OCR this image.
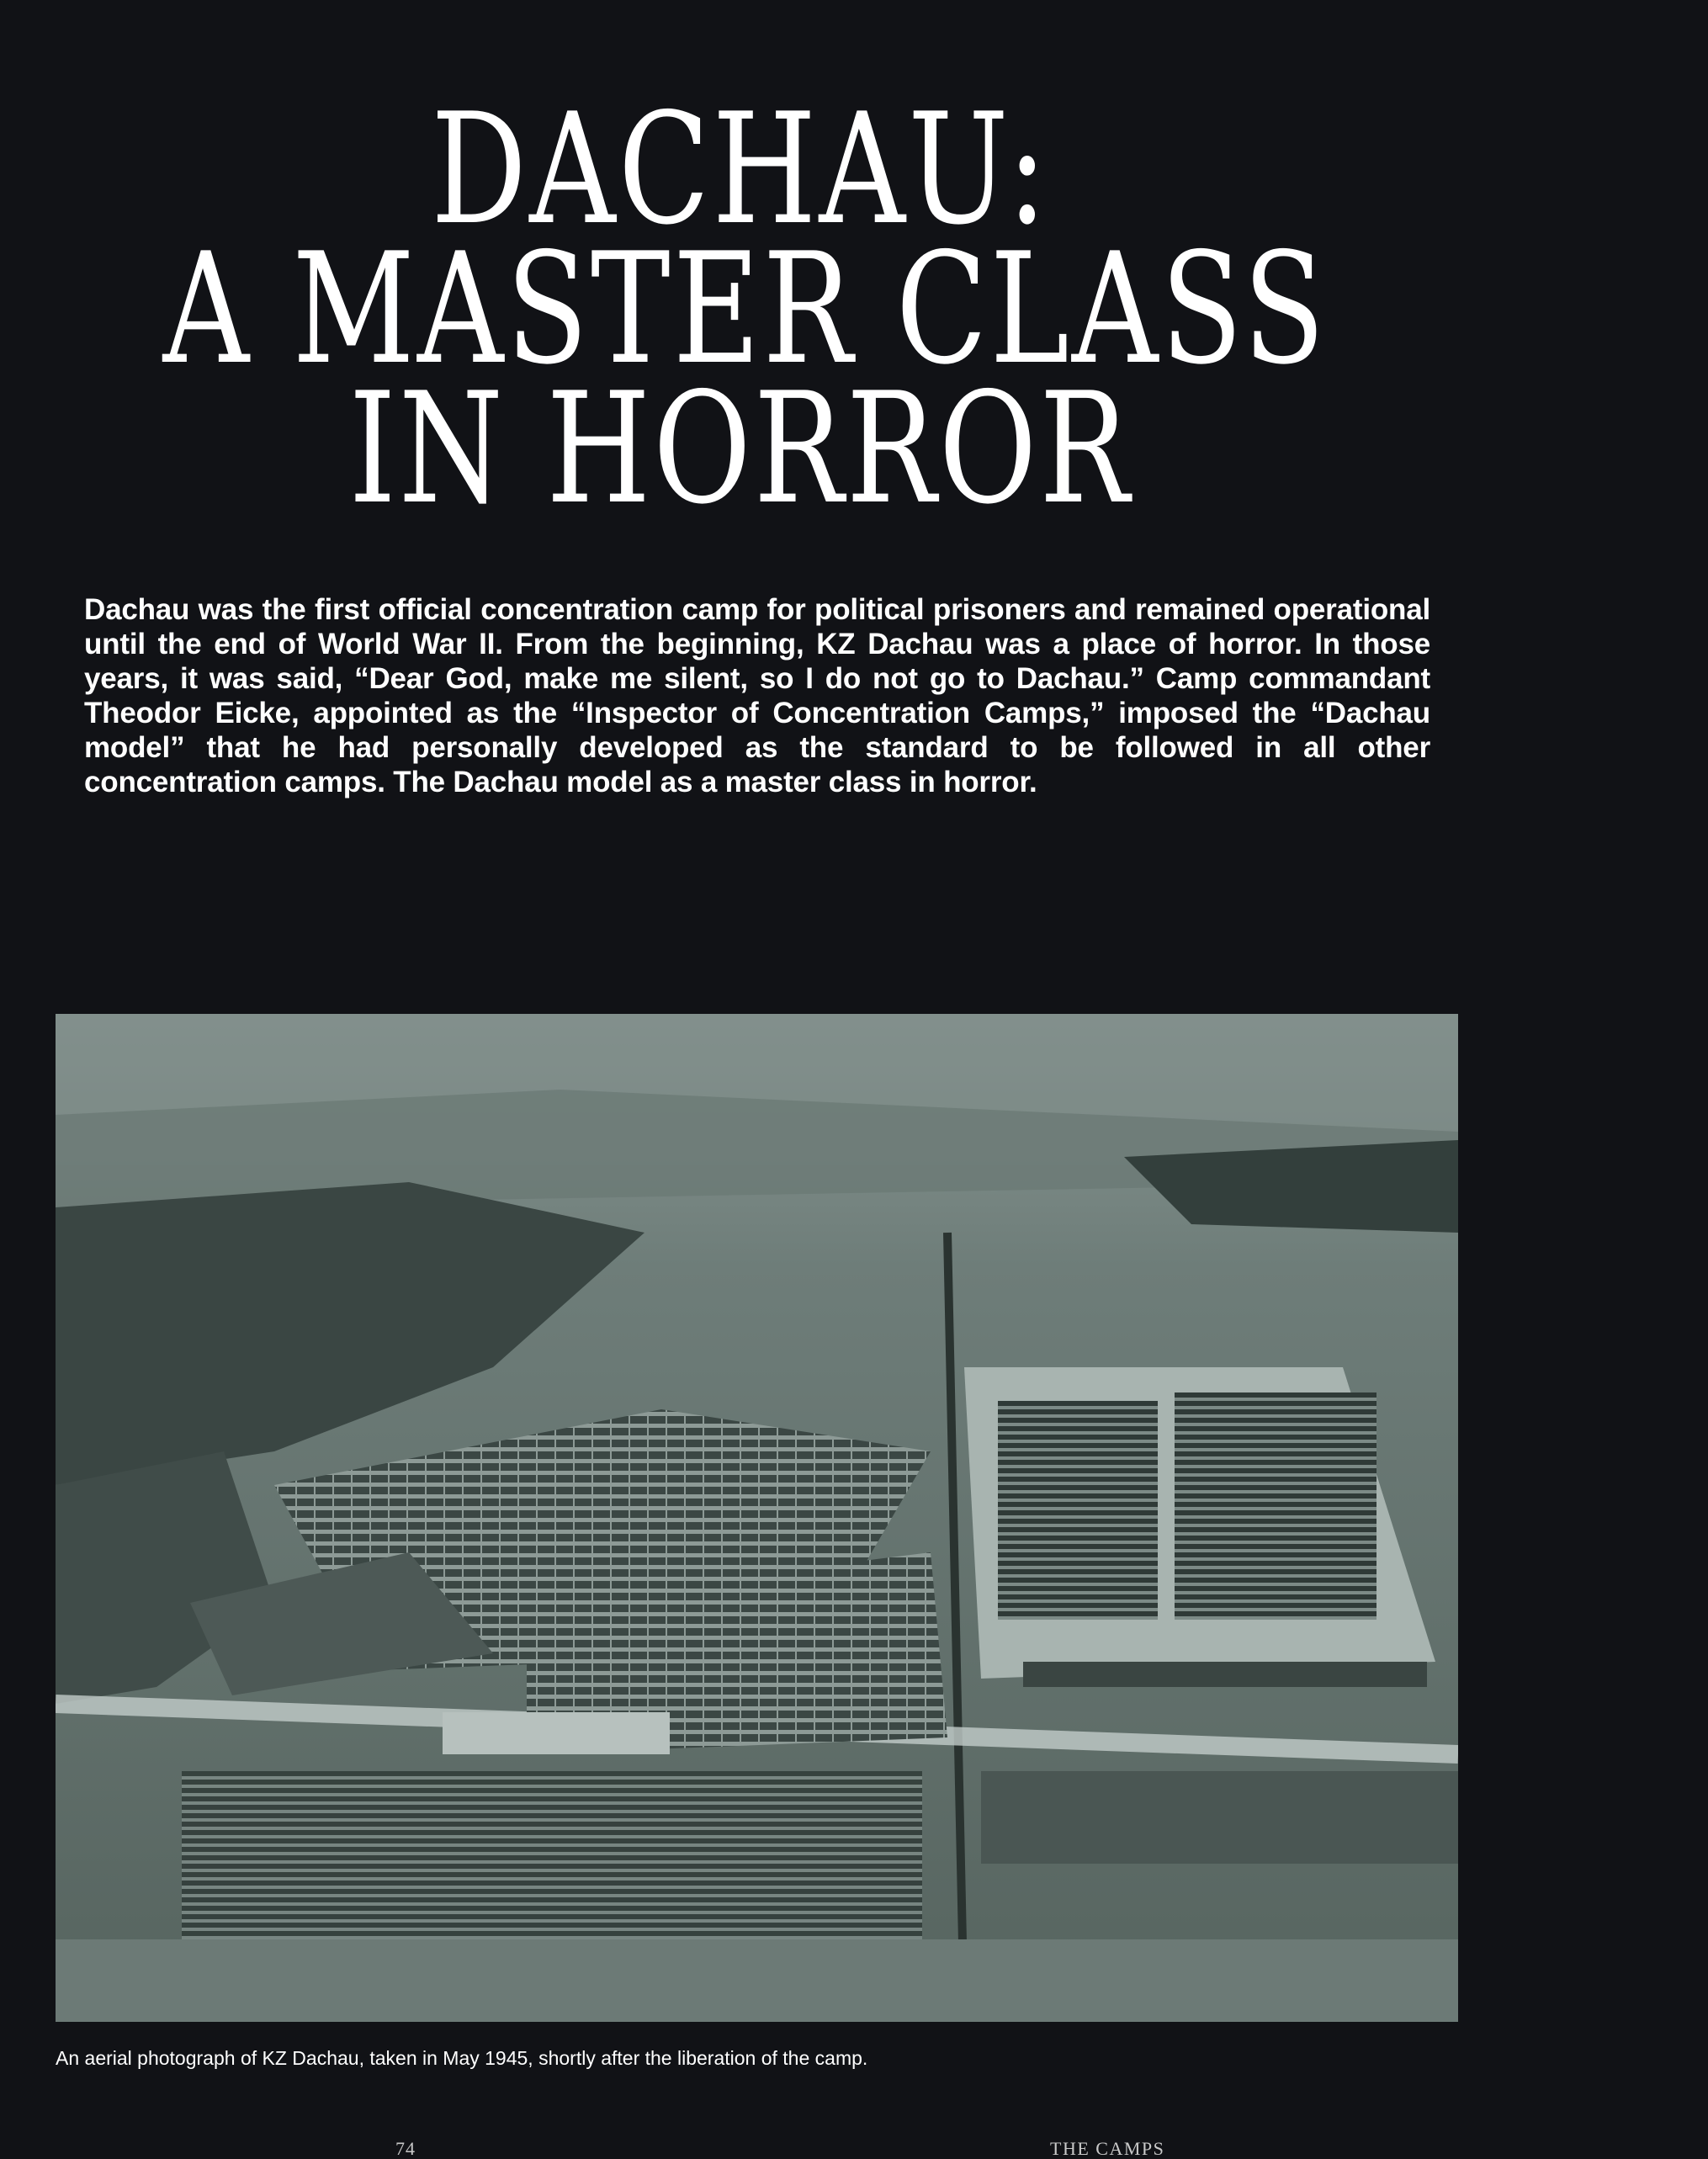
DACHAU:
A MASTER CLASS
IN HORROR

Dachau was the first official concentration camp for political prisoners and remained operational until the end of World War II. From the beginning, KZ Dachau was a place of horror. In those years, it was said, “Dear God, make me silent, so I do not go to Dachau.” Camp commandant Theodor Eicke, appointed as the “Inspector of Concentration Camps,” imposed the “Dachau model” that he had personally developed as the standard to be followed in all other concentration camps. The Dachau model as a master class in horror.

An aerial photograph of KZ Dachau, taken in May 1945, shortly after the liberation of the camp.

74	THE CAMPS
